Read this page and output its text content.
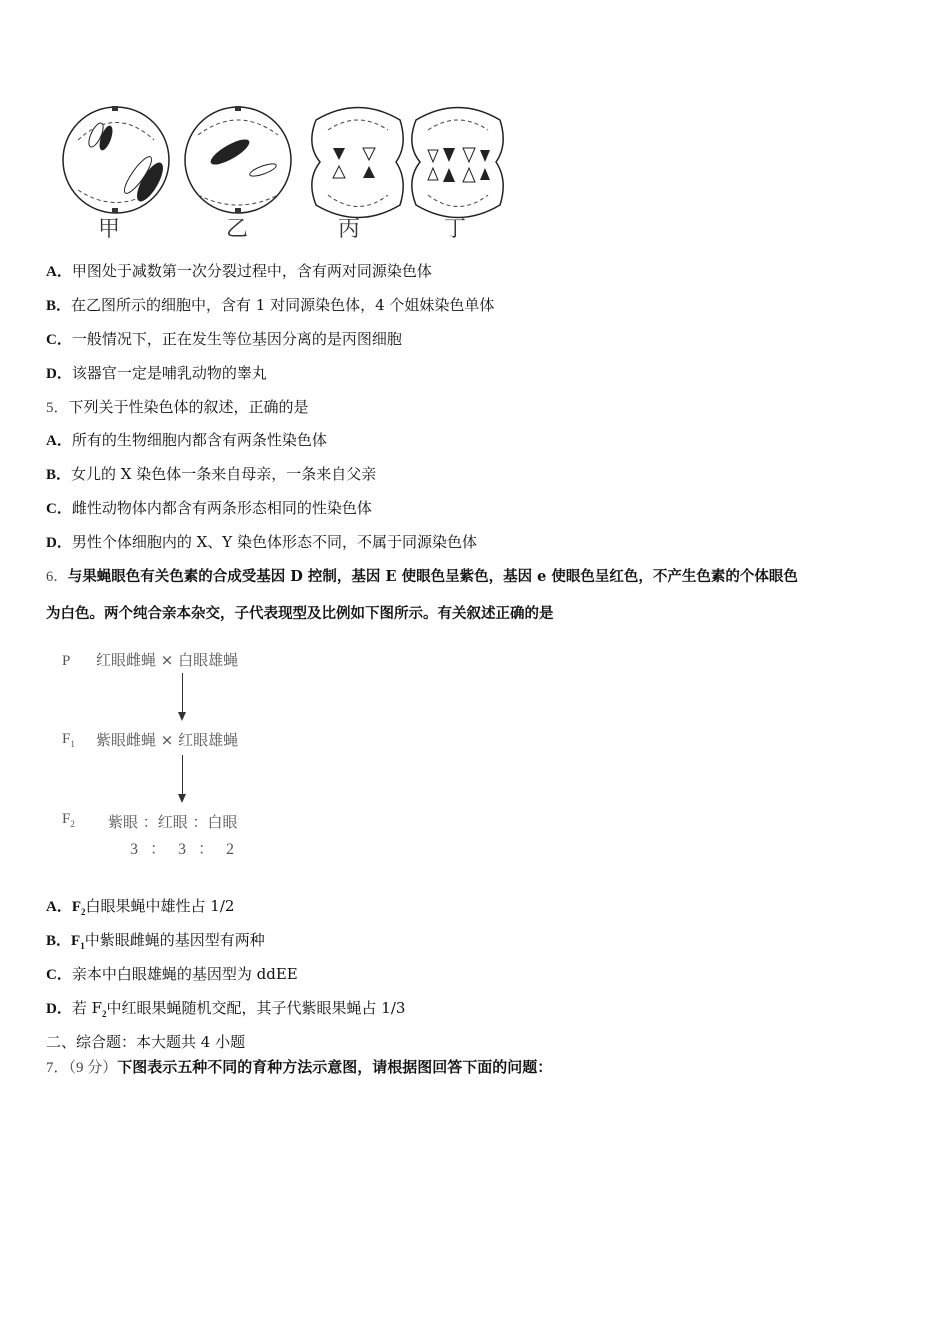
甲	乙	丙	丁
A．甲图处于减数第一次分裂过程中，含有两对同源染色体
B．在乙图所示的细胞中，含有 1 对同源染色体，4 个姐妹染色单体
C．一般情况下，正在发生等位基因分离的是丙图细胞
D．该器官一定是哺乳动物的睾丸
5．下列关于性染色体的叙述，正确的是
A．所有的生物细胞内都含有两条性染色体
B．女儿的 X 染色体一条来自母亲，一条来自父亲
C．雌性动物体内都含有两条形态相同的性染色体
D．男性个体细胞内的 X、Y 染色体形态不同，不属于同源染色体
6．与果蝇眼色有关色素的合成受基因 D 控制，基因 E 使眼色呈紫色，基因 e 使眼色呈红色，不产生色素的个体眼色
为白色。两个纯合亲本杂交，子代表现型及比例如下图所示。有关叙述正确的是
P 红眼雌蝇 × 白眼雄蝇
$F_1$ 紫眼雌蝇 × 红眼雄蝇
$F_2$ 紫眼 ：红眼 ：白眼
3   ：   3   ：   2
A．$F_2$白眼果蝇中雄性占 1/2
B．$F_1$中紫眼雌蝇的基因型有两种
C．亲本中白眼雄蝇的基因型为 ddEE
D．若 $F_2$中红眼果蝇随机交配，其子代紫眼果蝇占 1/3
二、综合题：本大题共 4 小题
7．（9 分）下图表示五种不同的育种方法示意图，请根据图回答下面的问题：
